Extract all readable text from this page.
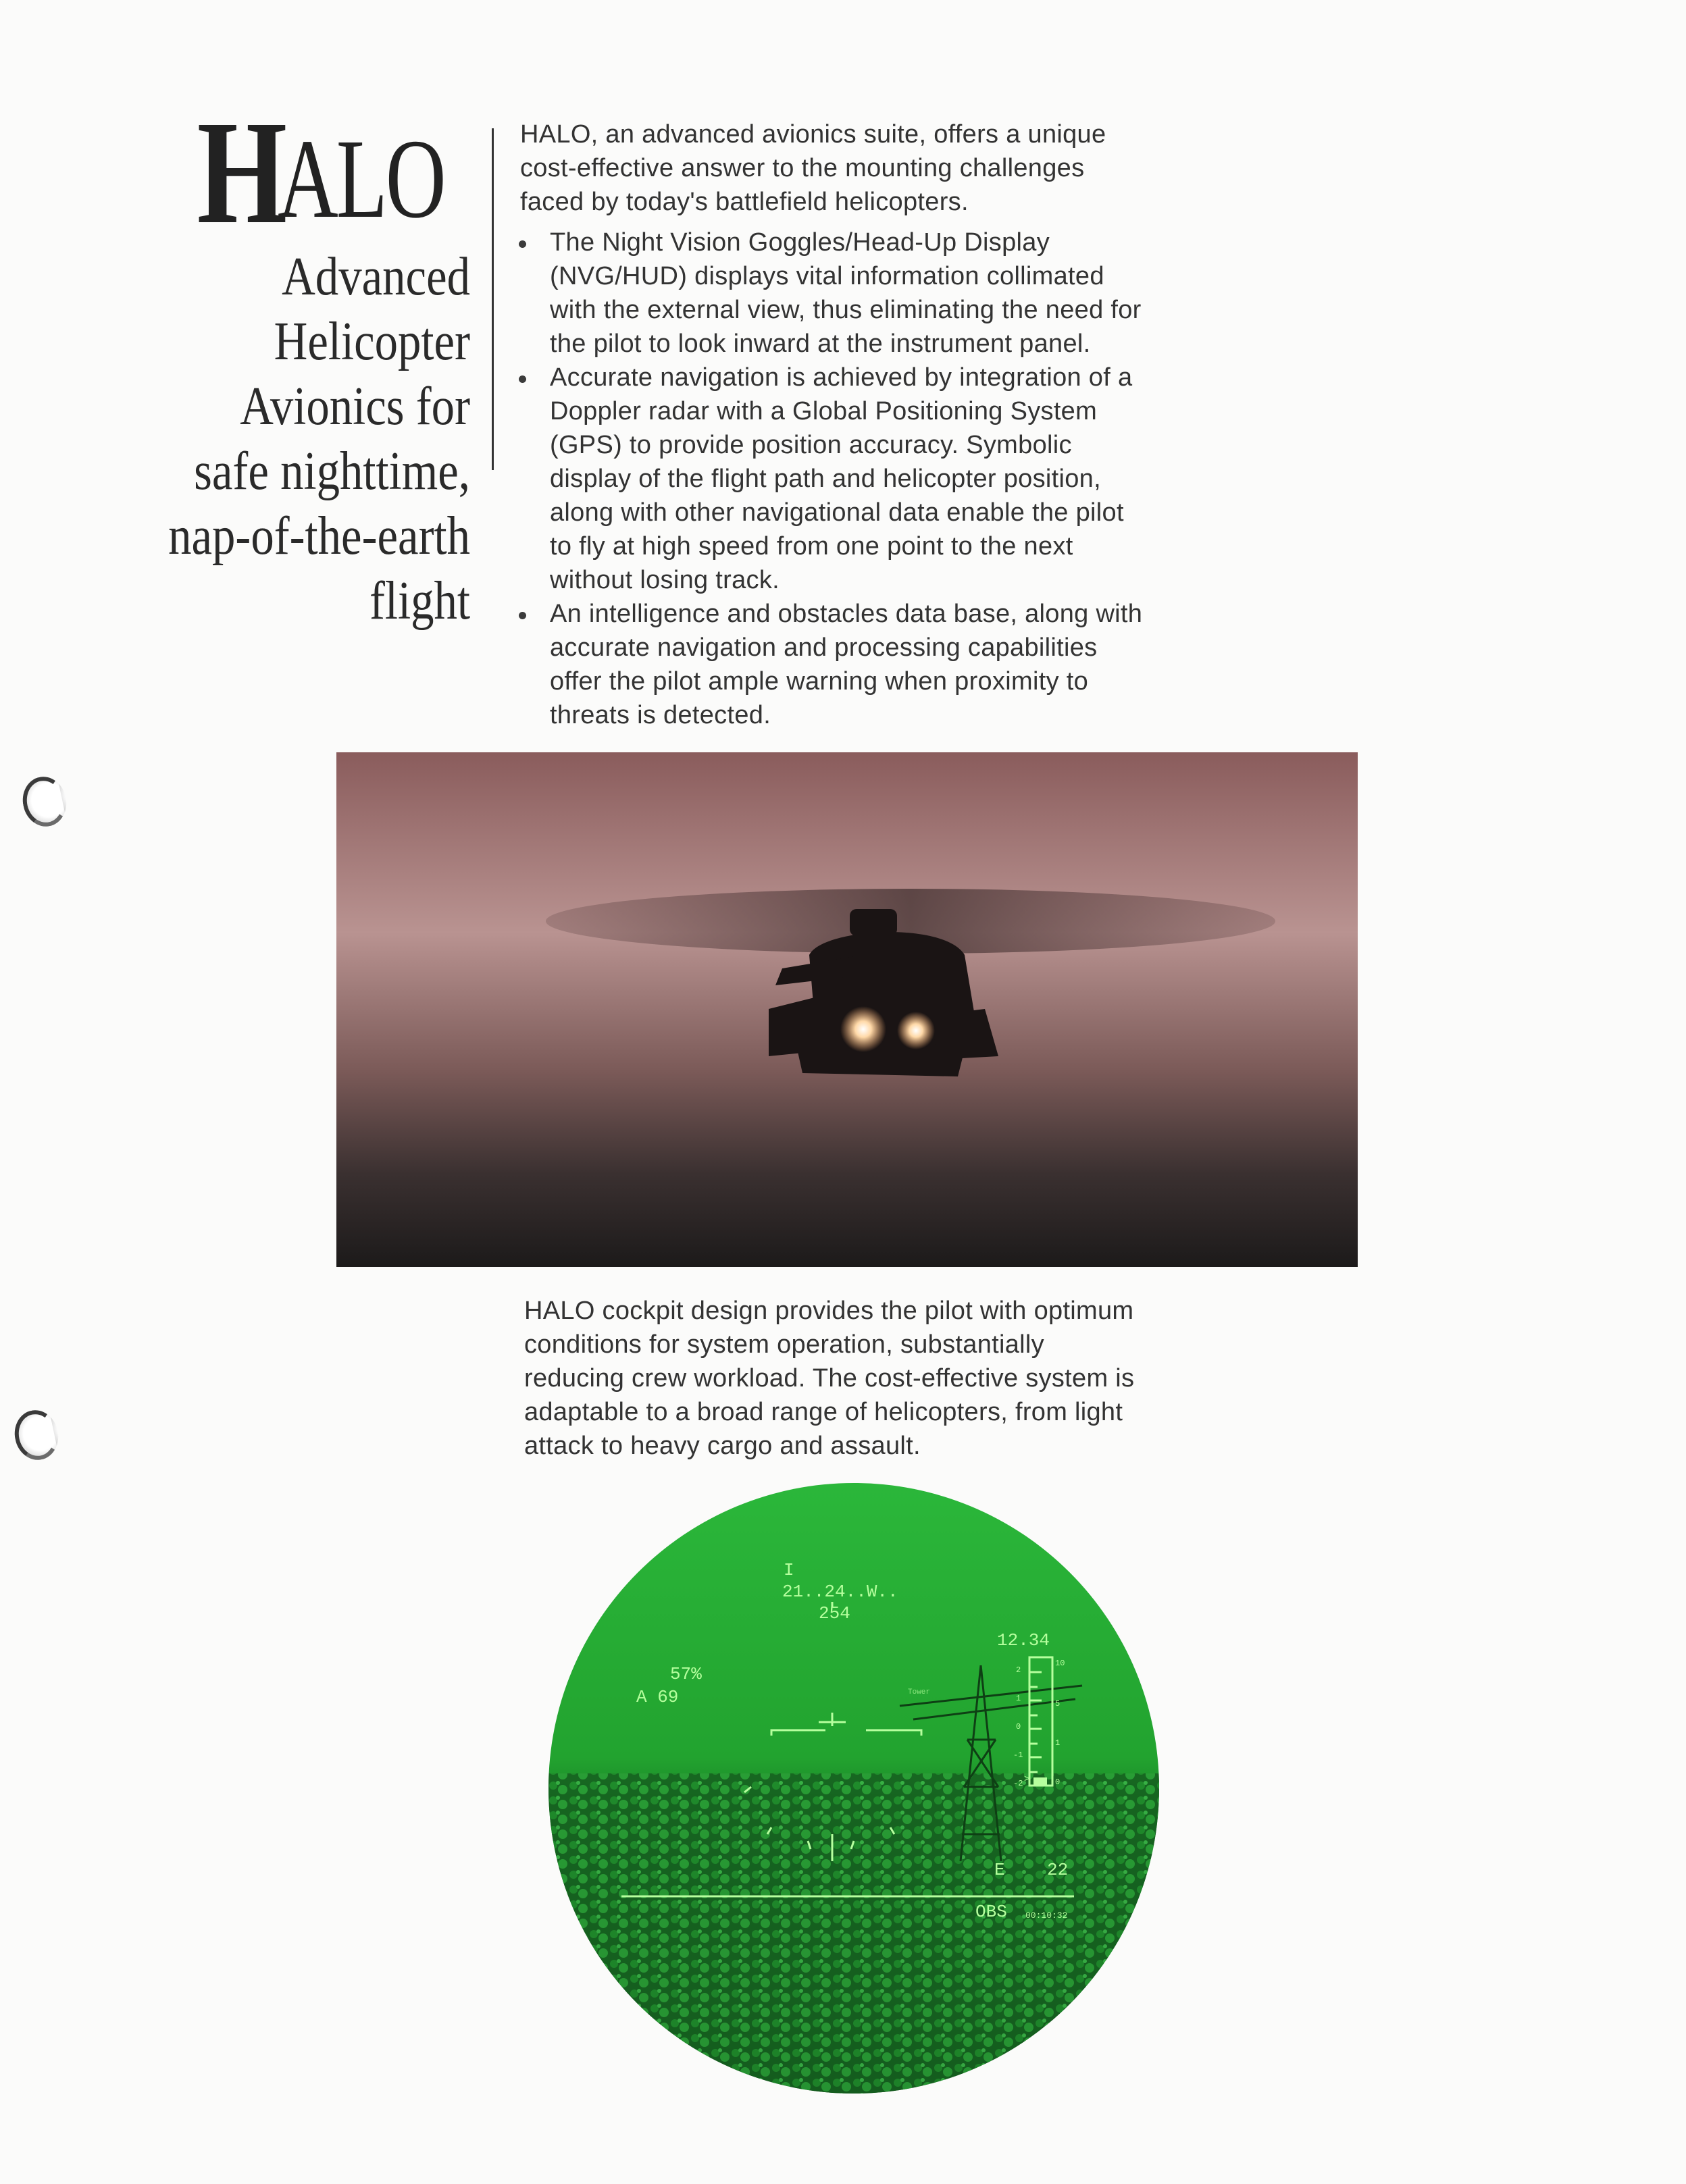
H
ALO
Advanced Helicopter
Avionics for
safe nighttime,
nap-of-the-earth flight
HALO, an advanced avionics suite, offers a unique
cost-effective answer to the mounting challenges
faced by today's battlefield helicopters.
The Night Vision Goggles/Head-Up Display
(NVG/HUD) displays vital information collimated
with the external view, thus eliminating the need for
the pilot to look inward at the instrument panel.
Accurate navigation is achieved by integration of a
Doppler radar with a Global Positioning System
(GPS) to provide position accuracy. Symbolic
display of the flight path and helicopter position,
along with other navigational data enable the pilot
to fly at high speed from one point to the next
without losing track.
An intelligence and obstacles data base, along with
accurate navigation and processing capabilities
offer the pilot ample warning when proximity to
threats is detected.
HALO cockpit design provides the pilot with optimum
conditions for system operation, substantially
reducing crew workload. The cost-effective system is
adaptable to a broad range of helicopters, from light
attack to heavy cargo and assault.
I
21..24..W..
254
12.34
57%
A 69
E 22
OBS 00:10:32
Tower
2
1
0
-1
>
-2
10
5
1
0
